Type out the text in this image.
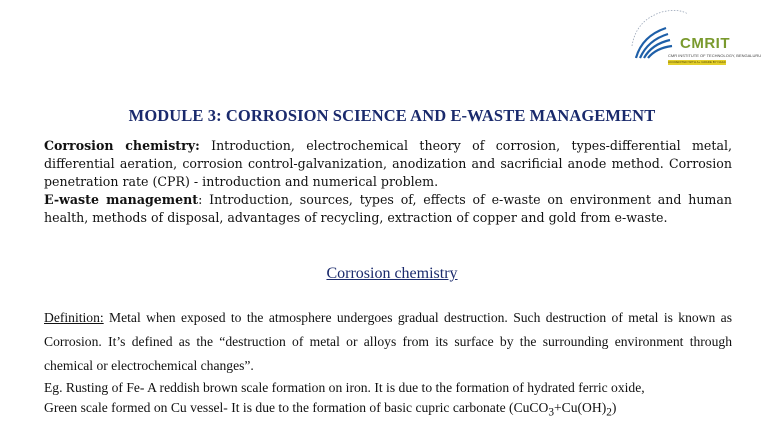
CMRIT
CMR INSTITUTE OF TECHNOLOGY, BENGALURU
ACCREDITED WITH A+ GRADE BY NAAC
MODULE 3: CORROSION SCIENCE AND E-WASTE MANAGEMENT

Corrosion chemistry: Introduction, electrochemical theory of corrosion, types-differential metal, differential aeration, corrosion control-galvanization, anodization and sacrificial anode method. Corrosion penetration rate (CPR) - introduction and numerical problem.

E-waste management: Introduction, sources, types of, effects of e-waste on environment and human health, methods of disposal, advantages of recycling, extraction of copper and gold from e-waste.

Corrosion chemistry

Definition: Metal when exposed to the atmosphere undergoes gradual destruction. Such destruction of metal is known as Corrosion. It’s defined as the “destruction of metal or alloys from its surface by the surrounding environment through chemical or electrochemical changes”.

Eg. Rusting of Fe- A reddish brown scale formation on iron. It is due to the formation of hydrated ferric oxide,

Green scale formed on Cu vessel- It is due to the formation of basic cupric carbonate $(CuCO_3+Cu(OH)_2)$
